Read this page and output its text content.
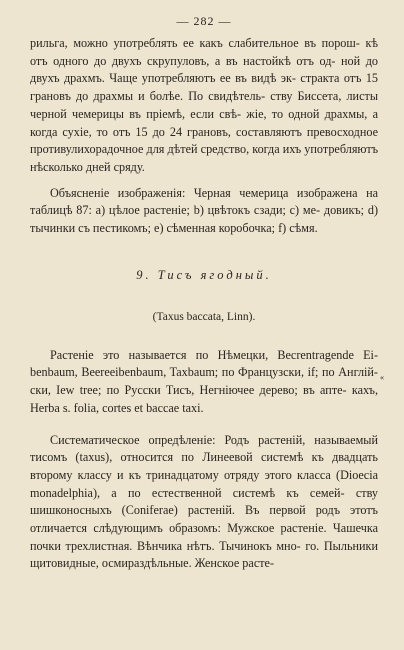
— 282 —

рильга, можно употреблять ее какъ слабительное въ порош- кѣ отъ одного до двухъ скрупуловъ, а въ настойкѣ отъ од- ной до двухъ драхмъ. Чаще употребляютъ ее въ видѣ эк- стракта отъ 15 грановъ до драхмы и болѣе. По свидѣтель- ству Биссета, листы черной чемерицы въ пріемѣ, если свѣ- жіе, то одной драхмы, а когда сухіе, то отъ 15 до 24 грановъ, составляютъ превосходное противулихорадочное для дѣтей средство, когда ихъ употребляютъ нѣсколько дней сряду.

Объясненіе изображенія: Черная чемерица изображена на таблицѣ 87: а) цѣлое растеніе; b) цвѣтокъ сзади; с) ме- довикъ; d) тычинки съ пестикомъ; е) сѣменная коробочка; f) сѣмя.

9. Тисъ ягодный.
(Taxus baccata, Linn).
«

Растеніе это называется по Нѣмецки, Becrentragende Ei- benbaum, Beereeibenbaum, Taxbaum; по Французски, if; по Англій- ски, Iew tree; по Русски Тисъ, Негніючее дерево; въ апте- кахъ, Herba s. folia, cortes et baccae taxi.

Систематическое опредѣленіе: Родъ растеній, называемый тисомъ (taxus), относится по Линеевой системѣ къ двадцать второму классу и къ тринадцатому отряду этого класса (Dioecia monadelphia), а по естественной системѣ къ семей- ству шишконосныхъ (Coniferae) растеній. Въ первой родъ этотъ отличается слѣдующимъ образомъ: Мужское растеніе. Чашечка почки трехлистная. Вѣнчика нѣтъ. Тычинокъ мно- го. Пыльники щитовидные, осмираздѣльные. Женское расте-
